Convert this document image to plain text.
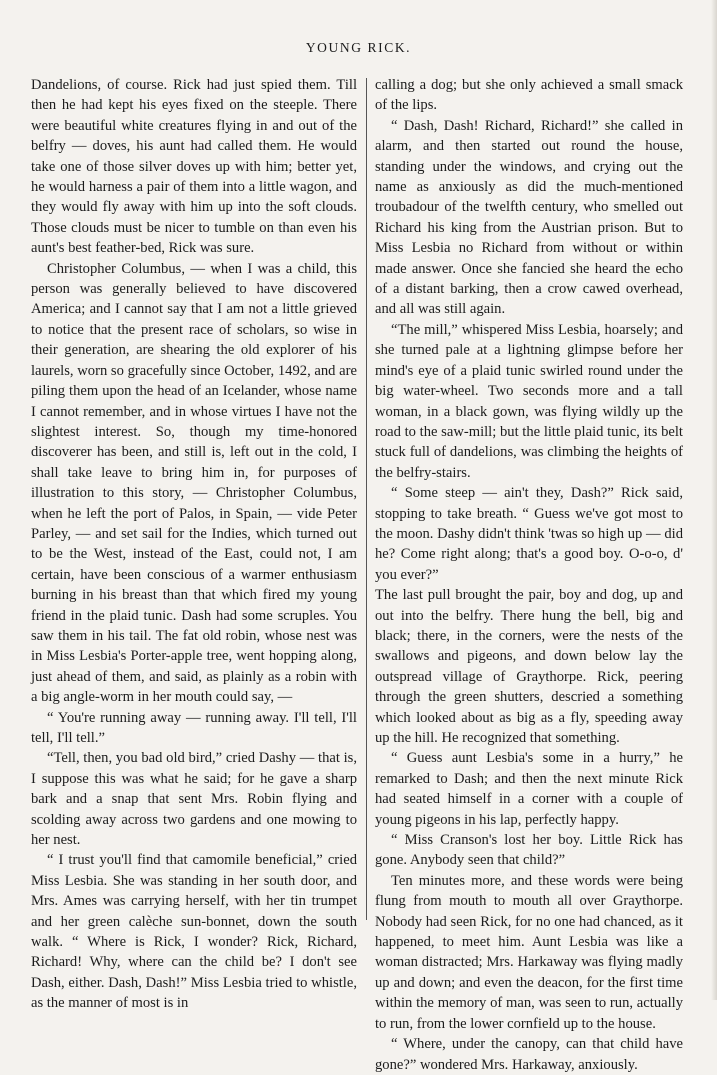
YOUNG RICK.

Dandelions, of course. Rick had just spied them. Till then he had kept his eyes fixed on the steeple. There were beautiful white creatures flying in and out of the belfry — doves, his aunt had called them. He would take one of those silver doves up with him; better yet, he would harness a pair of them into a little wagon, and they would fly away with him up into the soft clouds. Those clouds must be nicer to tumble on than even his aunt's best feather-bed, Rick was sure.

Christopher Columbus, — when I was a child, this person was generally believed to have discovered America; and I cannot say that I am not a little grieved to notice that the present race of scholars, so wise in their generation, are shearing the old explorer of his laurels, worn so gracefully since October, 1492, and are piling them upon the head of an Icelander, whose name I cannot remember, and in whose virtues I have not the slightest interest. So, though my time-honored discoverer has been, and still is, left out in the cold, I shall take leave to bring him in, for purposes of illustration to this story, — Christopher Columbus, when he left the port of Palos, in Spain, — vide Peter Parley, — and set sail for the Indies, which turned out to be the West, instead of the East, could not, I am certain, have been conscious of a warmer enthusiasm burning in his breast than that which fired my young friend in the plaid tunic. Dash had some scruples. You saw them in his tail. The fat old robin, whose nest was in Miss Lesbia's Porter-apple tree, went hopping along, just ahead of them, and said, as plainly as a robin with a big angle-worm in her mouth could say, —

“ You're running away — running away. I'll tell, I'll tell, I'll tell.”

“Tell, then, you bad old bird,” cried Dashy — that is, I suppose this was what he said; for he gave a sharp bark and a snap that sent Mrs. Robin flying and scolding away across two gardens and one mowing to her nest.

“ I trust you'll find that camomile beneficial,” cried Miss Lesbia. She was standing in her south door, and Mrs. Ames was carrying herself, with her tin trumpet and her green calèche sun-bonnet, down the south walk. “ Where is Rick, I wonder? Rick, Richard, Richard! Why, where can the child be? I don't see Dash, either. Dash, Dash!” Miss Lesbia tried to whistle, as the manner of most is in

calling a dog; but she only achieved a small smack of the lips.

“ Dash, Dash! Richard, Richard!” she called in alarm, and then started out round the house, standing under the windows, and crying out the name as anxiously as did the much-mentioned troubadour of the twelfth century, who smelled out Richard his king from the Austrian prison. But to Miss Lesbia no Richard from without or within made answer. Once she fancied she heard the echo of a distant barking, then a crow cawed overhead, and all was still again.

“The mill,” whispered Miss Lesbia, hoarsely; and she turned pale at a lightning glimpse before her mind's eye of a plaid tunic swirled round under the big water-wheel. Two seconds more and a tall woman, in a black gown, was flying wildly up the road to the saw-mill; but the little plaid tunic, its belt stuck full of dandelions, was climbing the heights of the belfry-stairs.

“ Some steep — ain't they, Dash?” Rick said, stopping to take breath. “ Guess we've got most to the moon. Dashy didn't think 'twas so high up — did he? Come right along; that's a good boy. O-o-o, d' you ever?”

The last pull brought the pair, boy and dog, up and out into the belfry. There hung the bell, big and black; there, in the corners, were the nests of the swallows and pigeons, and down below lay the outspread village of Graythorpe. Rick, peering through the green shutters, descried a something which looked about as big as a fly, speeding away up the hill. He recognized that something.

“ Guess aunt Lesbia's some in a hurry,” he remarked to Dash; and then the next minute Rick had seated himself in a corner with a couple of young pigeons in his lap, perfectly happy.

“ Miss Cranson's lost her boy. Little Rick has gone. Anybody seen that child?”

Ten minutes more, and these words were being flung from mouth to mouth all over Graythorpe. Nobody had seen Rick, for no one had chanced, as it happened, to meet him. Aunt Lesbia was like a woman distracted; Mrs. Harkaway was flying madly up and down; and even the deacon, for the first time within the memory of man, was seen to run, actually to run, from the lower cornfield up to the house.

“ Where, under the canopy, can that child have gone?” wondered Mrs. Harkaway, anxiously.
